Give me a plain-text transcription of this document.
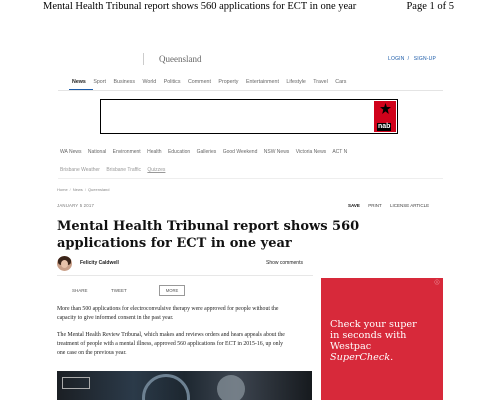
Mental Health Tribunal report shows 560 applications for ECT in one year	Page 1 of 5
Queensland	LOGIN / SIGN-UP
News Sport Business World Politics Comment Property Entertainment Lifestyle Travel Cars
nab
WA News National Environment Health Education Galleries Good Weekend NSW News Victoria News ACT N
Brisbane Weather Brisbane Traffic Quizzes
Home / News / Queensland
JANUARY 5 2017	SAVE PRINT LICENSE ARTICLE
Mental Health Tribunal report shows 560 applications for ECT in one year
Felicity Caldwell	Show comments
SHARE	TWEET	MORE

More than 500 applications for electroconvulsive therapy were approved for people without the capacity to give informed consent in the past year.

The Mental Health Review Tribunal, which makes and reviews orders and hears appeals about the treatment of people with a mental illness, approved 560 applications for ECT in 2015-16, up only one case on the previous year.

ⓘ
Check your super
in seconds with
Westpac
SuperCheck.
